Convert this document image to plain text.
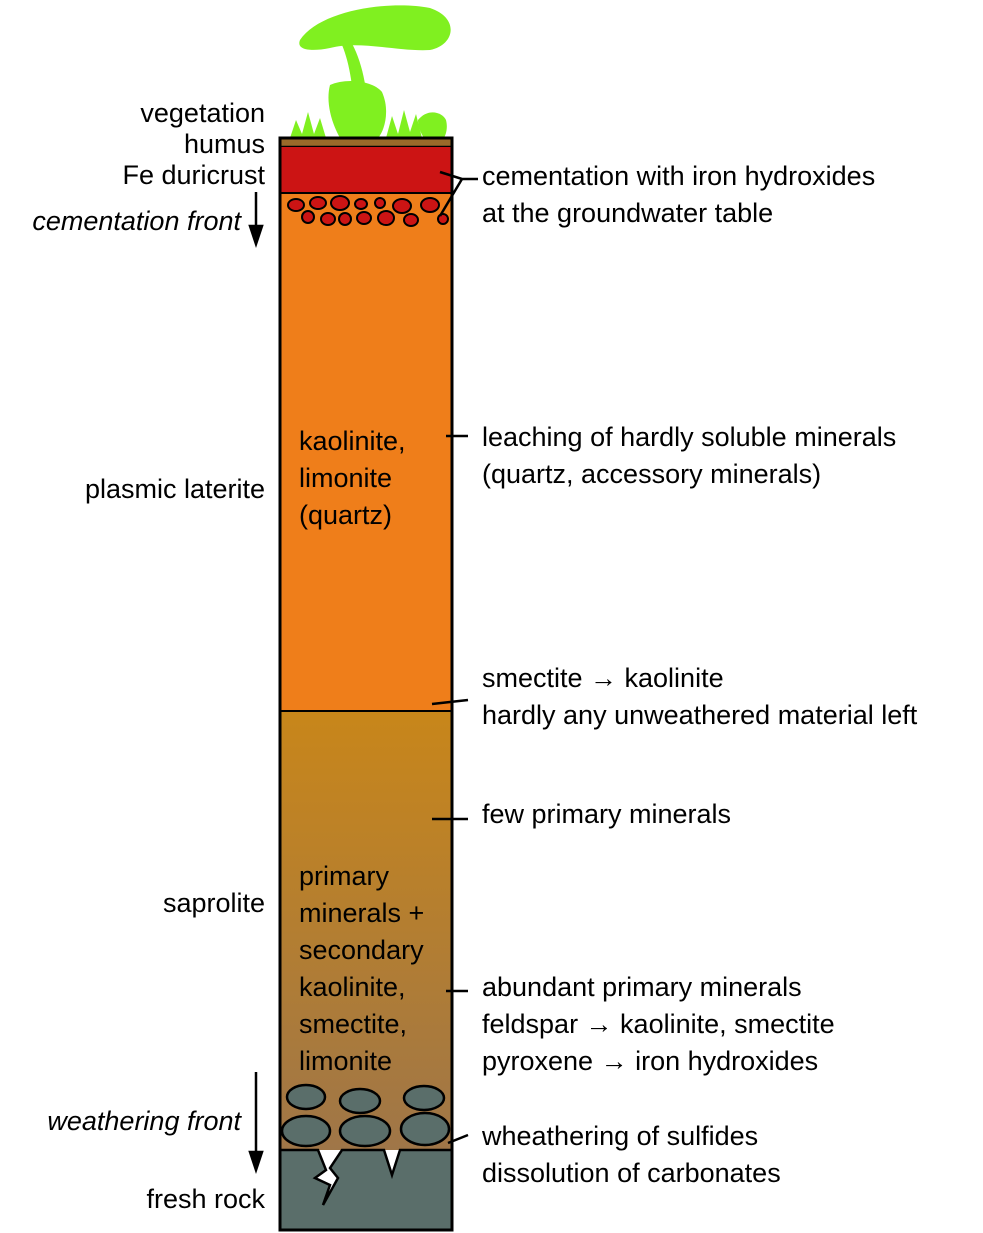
vegetation
humus
Fe duricrust
cementation front
plasmic laterite
saprolite
weathering front
fresh rock
kaolinite,
limonite
(quartz)
primary
minerals +
secondary
kaolinite,
smectite,
limonite
cementation with iron hydroxides
at the groundwater table
leaching of hardly soluble minerals
(quartz, accessory minerals)
smectite → kaolinite
hardly any unweathered material left
few primary minerals
abundant primary minerals
feldspar → kaolinite, smectite
pyroxene → iron hydroxides
wheathering of sulfides
dissolution of carbonates
